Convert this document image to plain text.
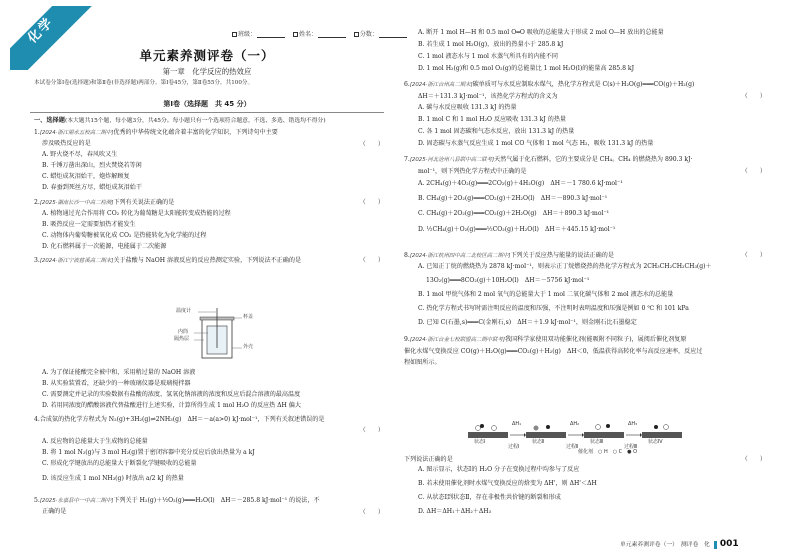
化学	班级：	姓名：	分数：
单元素养测评卷（一）
第一章　化学反应的热效应
本试卷分第Ⅰ卷(选择题)和第Ⅱ卷(非选择题)两部分。第Ⅰ卷45分，第Ⅱ卷55分，共100分。
第Ⅰ卷（选择题　共 45 分）
一、选择题(本大题共15个题，每小题3分，共45分。每小题只有一个选项符合题意，不选、多选、错选均不得分)
1.[2024·浙江丽水五校高二期中]优秀的中华传统文化蕴含着丰富的化学知识，下列诗句中主要
涉及吸热反应的是	（　　）
A. 野火烧不尽，春风吹又生
B. 千锤万凿出深山，烈火焚烧若等闲
C. 蜡炬成灰泪始干，炮炸解顾复
D. 春蚕到死丝方尽，蜡炬成灰泪始干
2.[2025·湖南长沙一中高二检测]下列有关说法正确的是	（　　）
A. 植物通过光合作用将 CO₂ 转化为葡萄糖是太阳能转变成热能的过程
B. 吸热反应一定需要加热才能发生
C. 动物体内葡萄糖被氧化成 CO₂ 是热能转化为化学能的过程
D. 化石燃料属于一次能源，电能属于二次能源
3.[2024·浙江宁波慈溪高二期末]关于盐酸与 NaOH 溶液反应的反应热测定实验，下列说法不正确的是	（　　）
温度计
杯盖
内筒
隔热层
外壳
A. 为了保证能酸完全被中和，采用稍过量的 NaOH 溶液
B. 从实验装置看，还缺少的一种玻璃仪器是玻璃搅拌器
C. 需要测定并记录的实验数据有盐酸的浓度、氢氧化钠溶液的浓度和反应后混合溶液的最高温度
D. 若用同浓度的醋酸溶液代替盐酸进行上述实验，计算所得生成 1 mol H₂O 的反应热 ΔH 偏大
4.合成氨的热化学方程式为 N₂(g)+3H₂(g)⇌2NH₃(g)　ΔH＝－a(a>0) kJ·mol⁻¹，下列有关叙述错误的是
（　　）
A. 反应物的总能量大于生成物的总能量
B. 将 1 mol N₂(g)与 3 mol H₂(g)置于密闭容器中充分反应后放出热量为 a kJ
C. 形成化学键放出的总能量大于断裂化学键吸收的总能量
D. 该反应生成 1 mol NH₃(g) 时放出 a/2 kJ 的热量
5.[2025·永嘉县中一中高二期中]下列关于 H₂(g)＋½O₂(g)═══H₂O(l)　ΔH＝－285.8 kJ·mol⁻¹ 的说法，不
正确的是	（　　）
A. 断开 1 mol H—H 和 0.5 mol O═O 吸收的总能量大于形成 2 mol O—H 放出的总能量
B. 若生成 1 mol H₂O(g)，放出的热量小于 285.8 kJ
C. 1 mol 液态水与 1 mol 水蒸气所具有的内能不同
D. 1 mol H₂(g)和 0.5 mol O₂(g)的总能量比 1 mol H₂O(l)的能量高 285.8 kJ
6.[2024·浙江台州高二期末]碳单质可与水反应制取水煤气，热化学方程式是 C(s)＋H₂O(g)═══CO(g)＋H₂(g)
ΔH＝＋131.3 kJ·mol⁻¹，该热化学方程式的含义为	（　　）
A. 碳与水反应吸收 131.3 kJ 的热量
B. 1 mol C 和 1 mol H₂O 反应吸收 131.3 kJ 的热量
C. 各 1 mol 固态碳和气态水反应，放出 131.3 kJ 的热量
D. 固态碳与水蒸气反应生成 1 mol CO 气体和 1 mol 气态 H₂，吸收 131.3 kJ 的热量
7.[2025·河北沧州八县联中高二联考]天然气属于化石燃料，它的主要成分是 CH₄。CH₄ 的燃烧热为 890.3 kJ·
mol⁻¹，则下列热化学方程式中正确的是	（　　）
A. 2CH₄(g)＋4O₂(g)═══2CO₂(g)＋4H₂O(g)　ΔH＝－1 780.6 kJ·mol⁻¹
B. CH₄(g)＋2O₂(g)═══CO₂(g)＋2H₂O(l)　ΔH＝－890.3 kJ·mol⁻¹
C. CH₄(g)＋2O₂(g)═══CO₂(g)＋2H₂O(g)　ΔH＝＋890.3 kJ·mol⁻¹
D. ½CH₄(g)＋O₂(g)═══½CO₂(g)＋H₂O(l)　ΔH＝＋445.15 kJ·mol⁻¹
8.[2024·浙江杭州四中高二北校区高二期中]下列关于反应热与能量的说法正确的是	（　　）
A. 已知正丁烷的燃烧热为 2878 kJ·mol⁻¹，则表示正丁烷燃烧热的热化学方程式为 2CH₃CH₂CH₂CH₃(g)＋
13O₂(g)═══8CO₂(g)＋10H₂O(l)　ΔH＝－5756 kJ·mol⁻¹
B. 1 mol 甲烷气体和 2 mol 氧气的总能量大于 1 mol 二氧化碳气体和 2 mol 液态水的总能量
C. 热化学方程式书写时需注明反应的温度和压强，不注明时表明温度和压强是例如 0 ℃ 和 101 kPa
D. 已知 C(石墨,s)═══C(金刚石,s)　ΔH＝＋1.9 kJ·mol⁻¹，则金刚石比石墨稳定
9.[2024·浙江台金七校联盟高二期中联考]我国科学家使用双功能催化剂(能吸附不同粒子)，展阅后催化剂复原
催化水煤气变换反应 CO(g)＋H₂O(g)═══CO₂(g)＋H₂(g)　ΔH＜0，低温获得高转化率与高反应速率，反应过
程如图所示。
ΔH₁	ΔH₂	ΔH₃
状态Ⅰ	状态Ⅱ	状态Ⅲ	状态Ⅳ
过程Ⅰ	过程Ⅱ	过程Ⅲ
催化剂　○ H　○ C　● O
下列说法正确的是	（　　）
A. 图示显示，状态Ⅰ的 H₂O 分子在变换过程中均参与了反应
B. 若未使用催化剂时水煤气变换反应的焓变为 ΔH'，则 ΔH'＜ΔH
C. 从状态Ⅰ到状态Ⅱ，存在非极性共价键的断裂和形成
D. ΔH＝ΔH₁＋ΔH₂＋ΔH₃
单元素养测评卷（一）　测评卷　化 001
